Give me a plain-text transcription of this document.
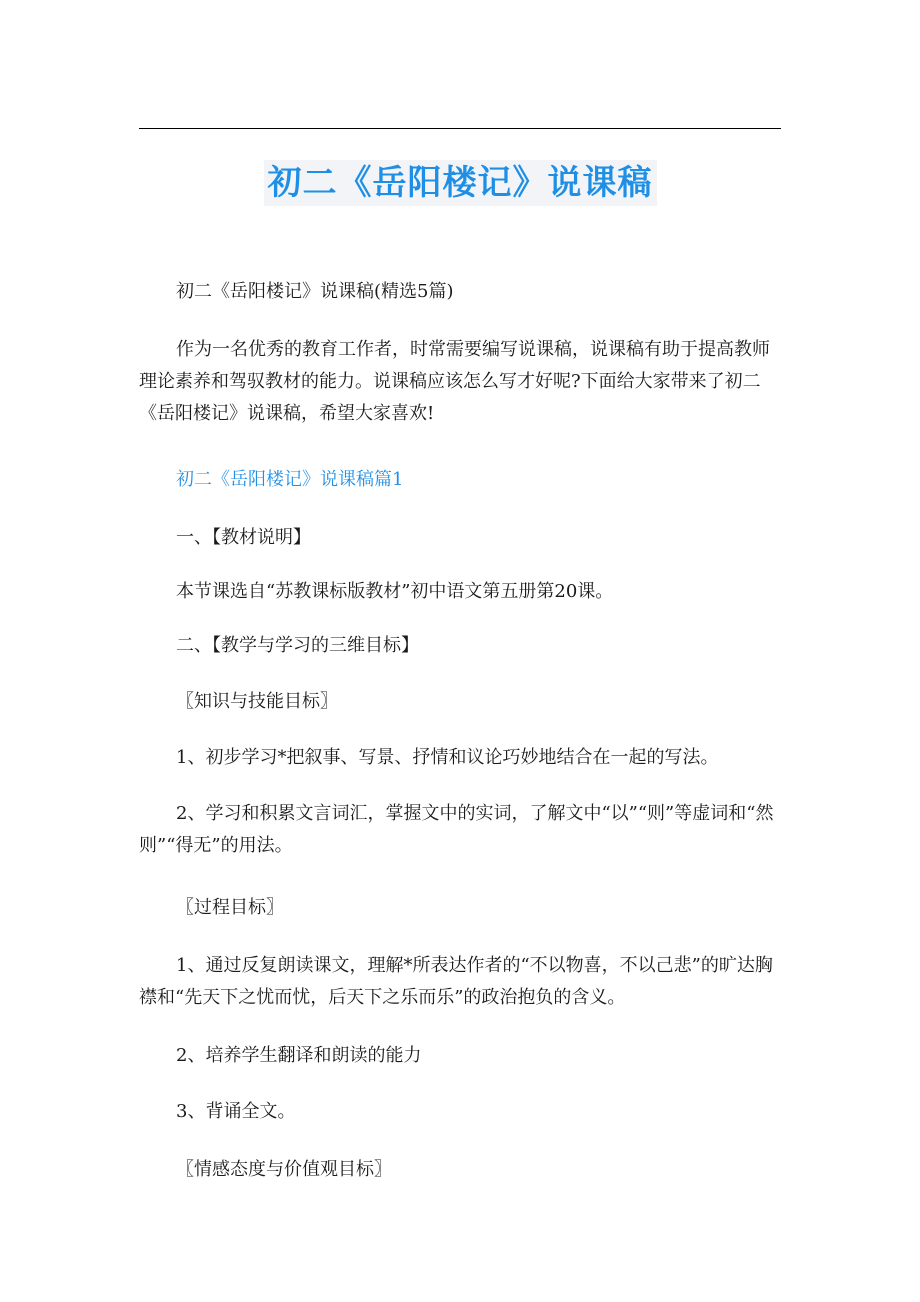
初二《岳阳楼记》说课稿

初二《岳阳楼记》说课稿(精选5篇)

作为一名优秀的教育工作者，时常需要编写说课稿，说课稿有助于提高教师理论素养和驾驭教材的能力。说课稿应该怎么写才好呢?下面给大家带来了初二《岳阳楼记》说课稿，希望大家喜欢!

初二《岳阳楼记》说课稿篇1

一、【教材说明】

本节课选自“苏教课标版教材”初中语文第五册第20课。

二、【教学与学习的三维目标】

〖知识与技能目标〗

1、初步学习*把叙事、写景、抒情和议论巧妙地结合在一起的写法。

2、学习和积累文言词汇，掌握文中的实词，了解文中“以”“则”等虚词和“然则”“得无”的用法。

〖过程目标〗

1、通过反复朗读课文，理解*所表达作者的“不以物喜，不以己悲”的旷达胸襟和“先天下之忧而忧，后天下之乐而乐”的政治抱负的含义。

2、培养学生翻译和朗读的能力

3、背诵全文。

〖情感态度与价值观目标〗
